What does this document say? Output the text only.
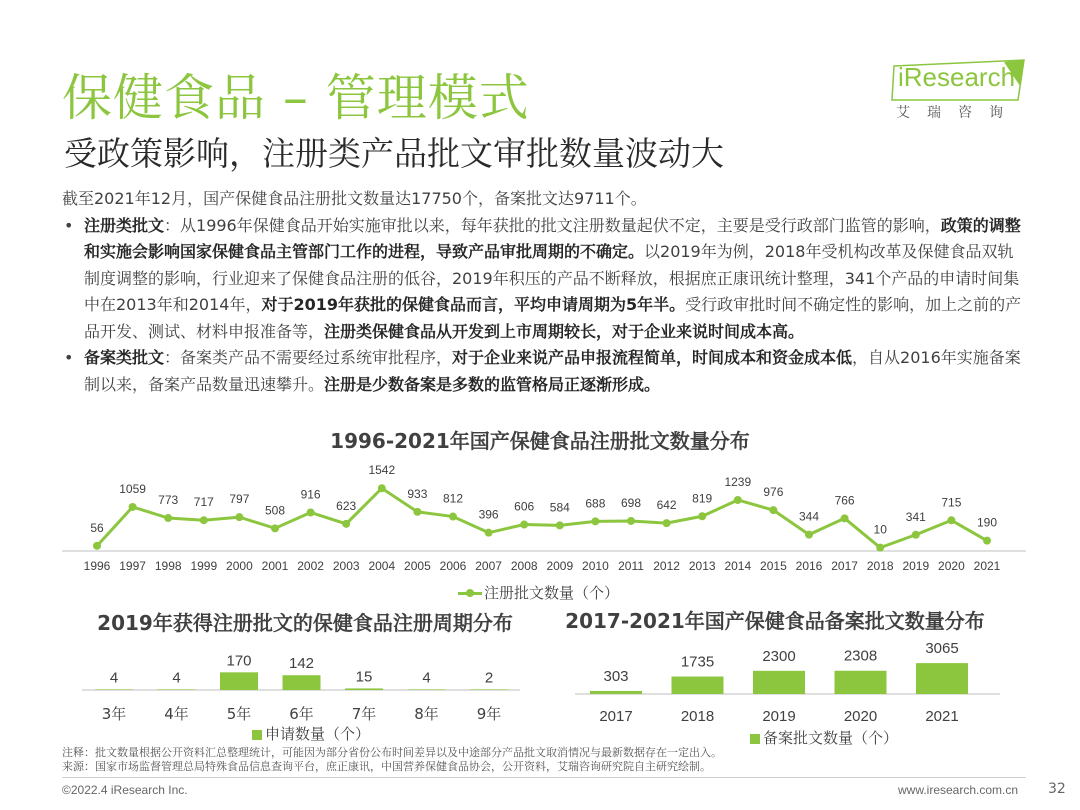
保健食品 – 管理模式
受政策影响，注册类产品批文审批数量波动大
iResearch
艾瑞咨询

截至2021年12月，国产保健食品注册批文数量达17750个，备案批文达9711个。

• 注册类批文：从1996年保健食品开始实施审批以来，每年获批的批文注册数量起伏不定，主要是受行政部门监管的影响，政策的调整和实施会影响国家保健食品主管部门工作的进程，导致产品审批周期的不确定。以2019年为例，2018年受机构改革及保健食品双轨制度调整的影响，行业迎来了保健食品注册的低谷，2019年积压的产品不断释放，根据庶正康讯统计整理，341个产品的申请时间集中在2013年和2014年，对于2019年获批的保健食品而言，平均申请周期为5年半。受行政审批时间不确定性的影响，加上之前的产品开发、测试、材料申报准备等，注册类保健食品从开发到上市周期较长，对于企业来说时间成本高。

• 备案类批文：备案类产品不需要经过系统审批程序，对于企业来说产品申报流程简单，时间成本和资金成本低，自从2016年实施备案制以来，备案产品数量迅速攀升。注册是少数备案是多数的监管格局正逐渐形成。

1996-2021年国产保健食品注册批文数量分布
2019年获得注册批文的保健食品注册周期分布	2017-2021年国产保健食品备案批文数量分布
56
1996
1059
1997
773
1998
717
1999
797
2000
508
2001
916
2002
623
2003
1542
2004
933
2005
812
2006
396
2007
606
2008
584
2009
688
2010
698
2011
642
2012
819
2013
1239
2014
976
2015
344
2016
766
2017
10
2018
341
2019
715
2020
190
2021
4
3年
4
4年
170
5年
142
6年
15
7年
4
8年
2
9年
303
2017
1735
2018
2300
2019
2308
2020
3065
2021
注册批文数量（个）
申请数量（个）	备案批文数量（个）
注释：批文数量根据公开资料汇总整理统计，可能因为部分省份公布时间差异以及中途部分产品批文取消情况与最新数据存在一定出入。
来源：国家市场监督管理总局特殊食品信息查询平台，庶正康讯，中国营养保健食品协会，公开资料，艾瑞咨询研究院自主研究绘制。
©2022.4 iResearch Inc.	www.iresearch.com.cn 32
